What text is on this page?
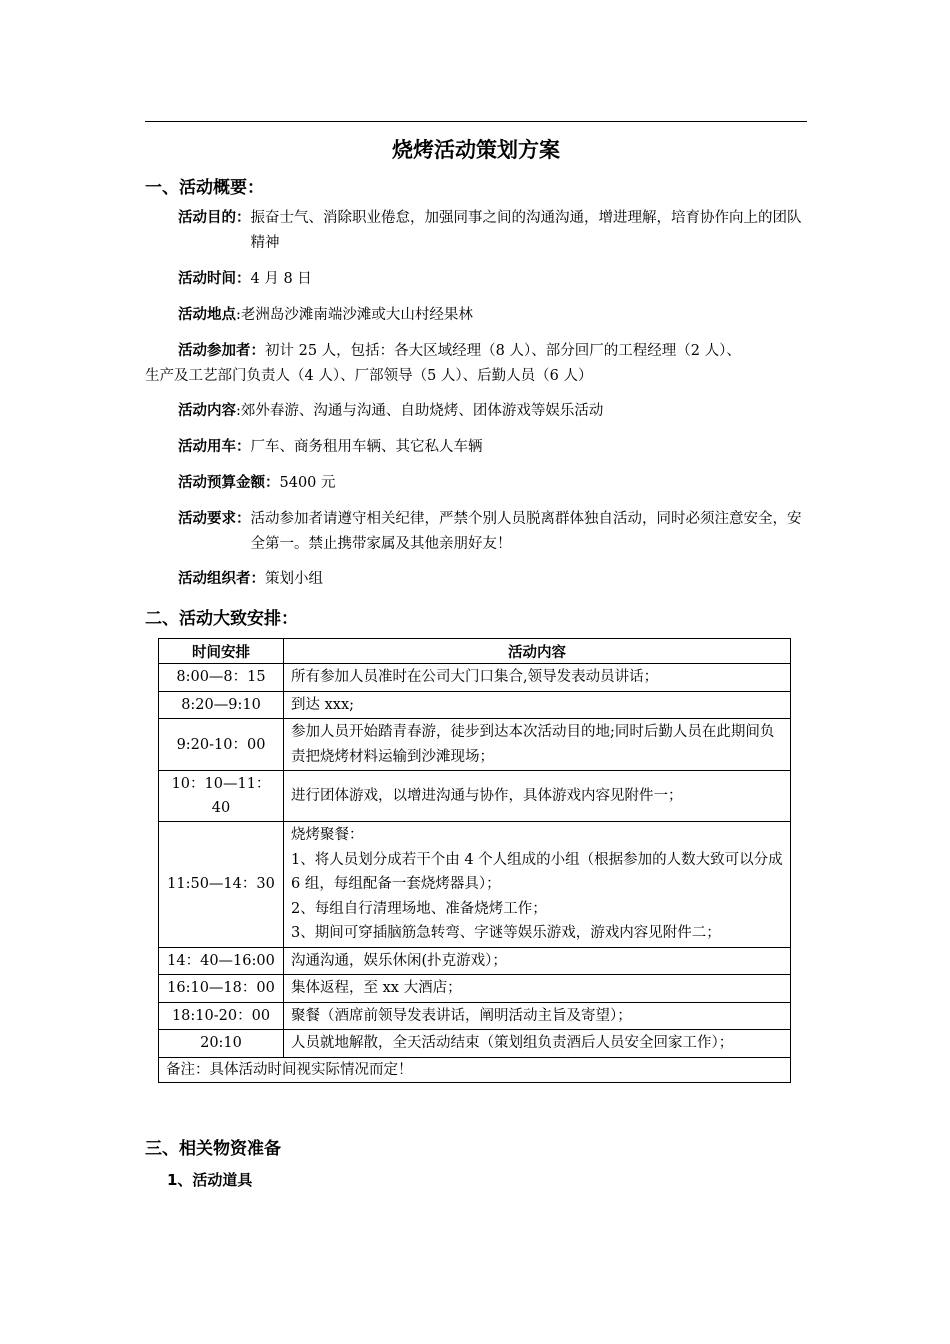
烧烤活动策划方案
一、活动概要：
活动目的： 振奋士气、消除职业倦怠，加强同事之间的沟通沟通，增进理解，培育协作向上的团队精神
活动时间：4 月 8 日
活动地点:老洲岛沙滩南端沙滩或大山村经果林
活动参加者：初计 25 人，包括：各大区域经理（8 人）、部分回厂的工程经理（2 人）、
生产及工艺部门负责人（4 人）、厂部领导（5 人）、后勤人员（6 人）
活动内容:郊外春游、沟通与沟通、自助烧烤、团体游戏等娱乐活动
活动用车：厂车、商务租用车辆、其它私人车辆
活动预算金额：5400 元
活动要求： 活动参加者请遵守相关纪律，严禁个别人员脱离群体独自活动，同时必须注意安全，安全第一。禁止携带家属及其他亲朋好友！
活动组织者：策划小组
二、活动大致安排：
时间安排	活动内容
8:00—8：15	所有参加人员准时在公司大门口集合,领导发表动员讲话；

8:20—9:10	到达 xxx;

9:20-10：00	参加人员开始踏青春游，徒步到达本次活动目的地;同时后勤人员在此期间负责把烧烤材料运输到沙滩现场；

10：10—11：40	进行团体游戏，以增进沟通与协作，具体游戏内容见附件一；

11:50—14：30	烧烤聚餐：
1、将人员划分成若干个由 4 个人组成的小组（根据参加的人数大致可以分成 6 组，每组配备一套烧烤器具）；
2、每组自行清理场地、准备烧烤工作；
3、期间可穿插脑筋急转弯、字谜等娱乐游戏，游戏内容见附件二；

14：40—16:00	沟通沟通，娱乐休闲(扑克游戏）；

16:10—18：00	集体返程，至 xx 大酒店；

18:10-20：00	聚餐（酒席前领导发表讲话，阐明活动主旨及寄望）；

20:10	人员就地解散，全天活动结束（策划组负责酒后人员安全回家工作）；

备注：具体活动时间视实际情况而定！	
三、相关物资准备
1、活动道具
